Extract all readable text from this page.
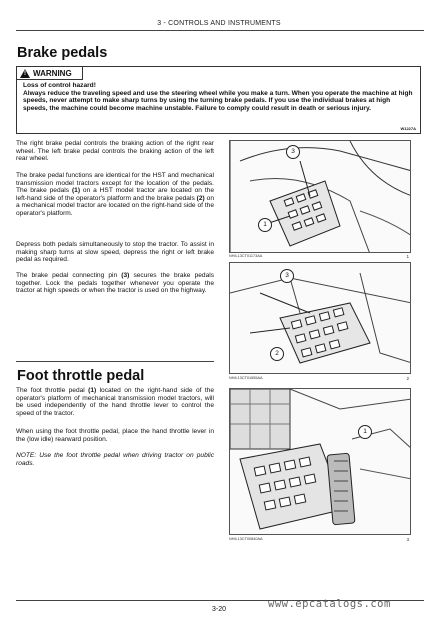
3 - CONTROLS AND INSTRUMENTS
Brake pedals
! WARNING
Loss of control hazard!
Always reduce the traveling speed and use the steering wheel while you make a turn. When you operate the machine at high speeds, never attempt to make sharp turns by using the turning brake pedals. If you use the individual brakes at high speeds, the machine could become machine unstable. Failure to comply could result in death or serious injury.
W1227A

The right brake pedal controls the braking action of the right rear wheel. The left brake pedal controls the braking action of the left rear wheel.

The brake pedal functions are identical for the HST and mechanical transmission model tractors except for the location of the pedals. The brake pedals (1) on a HST model tractor are located on the left-hand side of the operator's platform and the brake pedals (2) on a mechanical model tractor are located on the right-hand side of the operator's platform.

Depress both pedals simultaneously to stop the tractor. To assist in making sharp turns at slow speed, depress the right or left brake pedal as required.

The brake pedal connecting pin (3) secures the brake pedals together. Lock the pedals together whenever you operate the tractor at high speeds or when the tractor is used on the highway.

3
1
NHIL13CT01173AA	1
3
2
NHIL13CT01655AA	2
Foot throttle pedal

The foot throttle pedal (1) located on the right-hand side of the operator's platform of mechanical transmission model tractors, will be used independently of the hand throttle lever to control the speed of the tractor.

When using the foot throttle pedal, place the hand throttle lever in the (low idle) rearward position.

NOTE: Use the foot throttle pedal when driving tractor on public roads.

1
NHIL13CT00840AA	3
3-20	www.epcatalogs.com
